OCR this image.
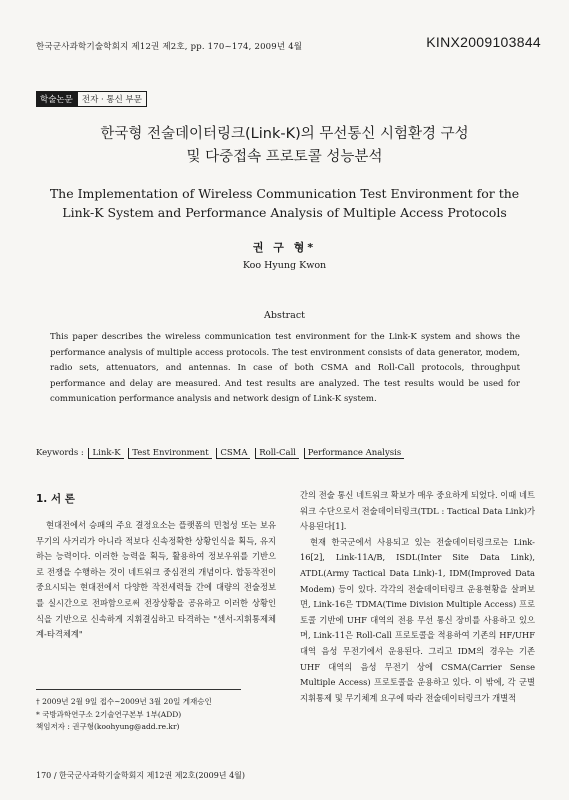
한국군사과학기술학회지 제12권 제2호, pp. 170~174, 2009년 4월	KINX2009103844
학술논문	전자 · 통신 부문
한국형 전술데이터링크(Link-K)의 무선통신 시험환경 구성
및 다중접속 프로토콜 성능분석
The Implementation of Wireless Communication Test Environment for the
Link-K System and Performance Analysis of Multiple Access Protocols
권 구 형*
Koo Hyung Kwon
Abstract
This paper describes the wireless communication test environment for the Link-K system and shows the performance analysis of multiple access protocols. The test environment consists of data generator, modem, radio sets, attenuators, and antennas. In case of both CSMA and Roll-Call protocols, throughput performance and delay are measured. And test results are analyzed. The test results would be used for communication performance analysis and network design of Link-K system.
Keywords : Link-K Test Environment CSMA Roll-Call Performance Analysis
1. 서 론
현대전에서 승패의 주요 결정요소는 플랫폼의 민첩성 또는 보유 무기의 사거리가 아니라 적보다 신속정확한 상황인식을 획득, 유지하는 능력이다. 이러한 능력을 획득, 활용하여 정보우위를 기반으로 전쟁을 수행하는 것이 네트워크 중심전의 개념이다. 합동작전이 중요시되는 현대전에서 다양한 작전세력들 간에 대량의 전술정보를 실시간으로 전파함으로써 전장상황을 공유하고 이러한 상황인식을 기반으로 신속하게 지휘결심하고 타격하는 "센서-지휘통제체계-타격체계"
간의 전술 통신 네트워크 확보가 매우 중요하게 되었다. 이때 네트워크 수단으로서 전술데이터링크(TDL : Tactical Data Link)가 사용된다[1].
현재 한국군에서 사용되고 있는 전술데이터링크로는 Link-16[2], Link-11A/B, ISDL(Inter Site Data Link), ATDL(Army Tactical Data Link)-1, IDM(Improved Data Modem) 등이 있다. 각각의 전술데이터링크 운용현황을 살펴보면, Link-16은 TDMA(Time Division Multiple Access) 프로토콜 기반에 UHF 대역의 전용 무선 통신 장비를 사용하고 있으며, Link-11은 Roll-Call 프로토콜을 적용하여 기존의 HF/UHF 대역 음성 무전기에서 운용된다. 그리고 IDM의 경우는 기존 UHF 대역의 음성 무전기 상에 CSMA(Carrier Sense Multiple Access) 프로토콜을 운용하고 있다. 이 밖에, 각 군별 지휘통제 및 무기체계 요구에 따라 전술데이터링크가 개별적
† 2009년 2월 9일 접수~2009년 3월 20일 게재승인
* 국방과학연구소 2기술연구본부 1부(ADD)
책임저자 : 권구형(koohyung@add.re.kr)
170 / 한국군사과학기술학회지 제12권 제2호(2009년 4월)
